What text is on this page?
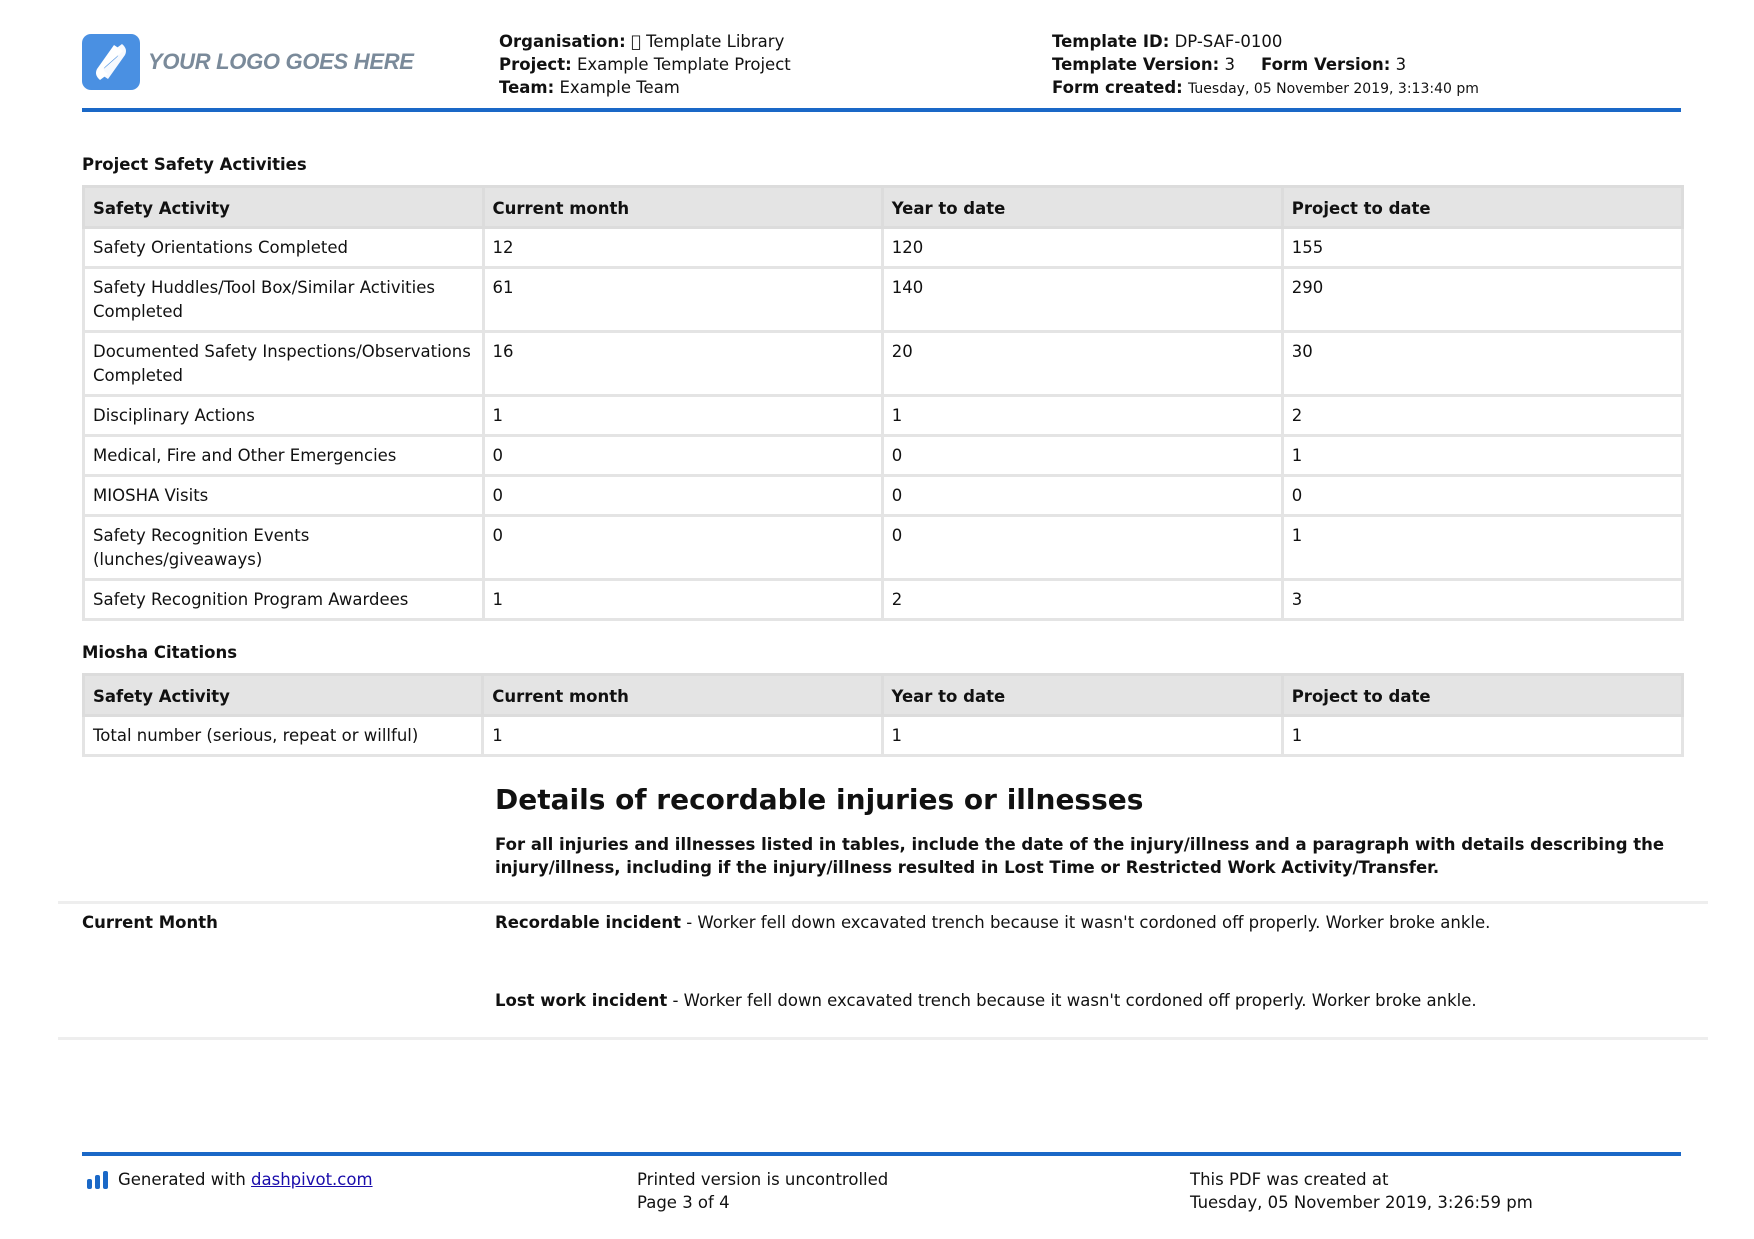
YOUR LOGO GOES HERE
Organisation: Template Library
Project: Example Template Project
Team: Example Team
Template ID: DP-SAF-0100
Template Version: 3 Form Version: 3
Form created: Tuesday, 05 November 2019, 3:13:40 pm
Project Safety Activities
Safety Activity	Current month	Year to date	Project to date
Safety Orientations Completed	12	120	155
Safety Huddles/Tool Box/Similar Activities Completed	61	140	290
Documented Safety Inspections/Observations Completed	16	20	30
Disciplinary Actions	1	1	2
Medical, Fire and Other Emergencies	0	0	1
MIOSHA Visits	0	0	0
Safety Recognition Events (lunches/giveaways)	0	0	1
Safety Recognition Program Awardees	1	2	3
Miosha Citations
Safety Activity	Current month	Year to date	Project to date
Total number (serious, repeat or willful)	1	1	1
Details of recordable injuries or illnesses
For all injuries and illnesses listed in tables, include the date of the injury/illness and a paragraph with details describing the injury/illness, including if the injury/illness resulted in Lost Time or Restricted Work Activity/Transfer.
Current Month	Recordable incident - Worker fell down excavated trench because it wasn't cordoned off properly. Worker broke ankle.
Lost work incident - Worker fell down excavated trench because it wasn't cordoned off properly. Worker broke ankle.
Generated with dashpivot.com	Printed version is uncontrolled
Page 3 of 4
This PDF was created at
Tuesday, 05 November 2019, 3:26:59 pm
